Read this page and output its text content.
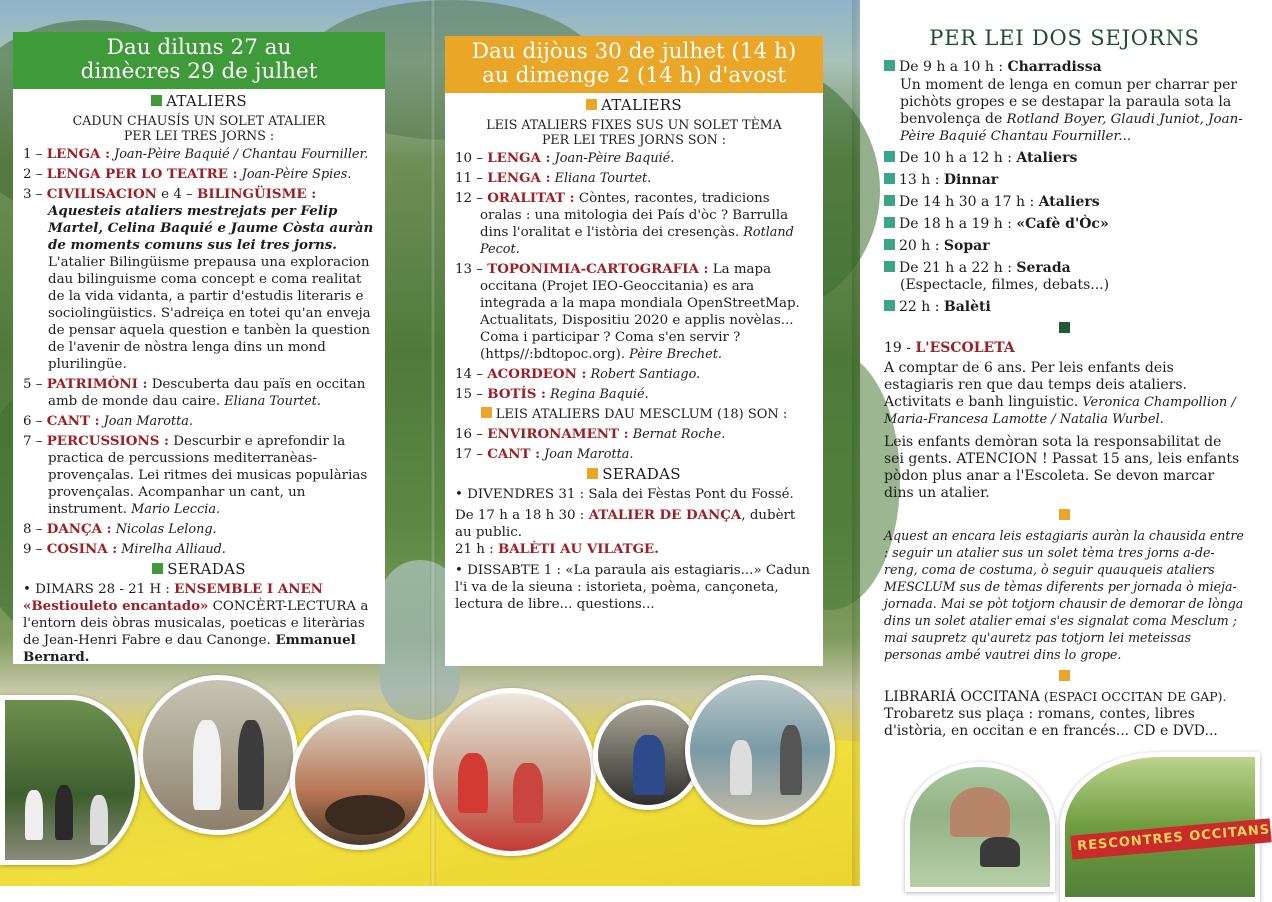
Dau diluns 27 au
dimècres 29 de julhet
ATALIERS
CADUN CHAUSÍS UN SOLET ATALIER
PER LEI TRES JORNS :
1 – LENGA : Joan-Pèire Baquié / Chantau Fourniller.
2 – LENGA PER LO TEATRE : Joan-Pèire Spies.
3 – CIVILISACION e 4 – BILINGÜISME : Aquesteis ataliers mestrejats per Felip Martel, Celina Baquié e Jaume Còsta auràn de moments comuns sus lei tres jorns. L'atalier Bilingüisme prepausa una exploracion dau bilinguisme coma concept e coma realitat de la vida vidanta, a partir d'estudis literaris e sociolingüistics. S'adreiça en totei qu'an enveja de pensar aquela question e tanbèn la question de l'avenir de nòstra lenga dins un mond plurilingüe.
5 – PATRIMÒNI : Descuberta dau païs en occitan amb de monde dau caire. Eliana Tourtet.
6 – CANT : Joan Marotta.
7 – PERCUSSIONS : Descurbir e aprefondir la practica de percussions mediterranèas-provençalas. Lei ritmes dei musicas populàrias provençalas. Acompanhar un cant, un instrument. Mario Leccia.
8 – DANÇA : Nicolas Lelong.
9 – COSINA : Mirelha Alliaud.
SERADAS
• DIMARS 28 - 21 H : ENSEMBLE I ANEN
«Bestiouleto encantado» CONCÈRT-LECTURA a l'entorn deis òbras musicalas, poeticas e literàrias de Jean-Henri Fabre e dau Canonge. Emmanuel Bernard.
Dau dijòus 30 de julhet (14 h)
au dimenge 2 (14 h) d'avost
ATALIERS
LEIS ATALIERS FIXES SUS UN SOLET TÈMA
PER LEI TRES JORNS SON :
10 – LENGA : Joan-Pèire Baquié.
11 – LENGA : Eliana Tourtet.
12 – ORALITAT : Còntes, racontes, tradicions oralas : una mitologia dei País d'òc ? Barrulla dins l'oralitat e l'istòria dei cresençàs. Rotland Pecot.
13 – TOPONIMIA-CARTOGRAFIA : La mapa occitana (Projet IEO-Geoccitania) es ara integrada a la mapa mondiala OpenStreetMap. Actualitats, Dispositiu 2020 e applis novèlas... Coma i participar ? Coma s'en servir ? (https//:bdtopoc.org). Pèire Brechet.
14 – ACORDEON : Robert Santiago.
15 – BOTÍS : Regina Baquié.
LEIS ATALIERS DAU MESCLUM (18) SON :
16 – ENVIRONAMENT : Bernat Roche.
17 – CANT : Joan Marotta.
SERADAS
• DIVENDRES 31 : Sala dei Fèstas Pont du Fossé.
De 17 h a 18 h 30 : ATALIER DE DANÇA, dubèrt au public.
21 h : BALÈTI AU VILATGE.
• DISSABTE 1 : «La paraula ais estagiaris...» Cadun l'i va de la sieuna : istorieta, poèma, cançoneta, lectura de libre... questions...
PER LEI DOS SEJORNS
De 9 h a 10 h : Charradissa
Un moment de lenga en comun per charrar per pichòts gropes e se destapar la paraula sota la benvolença de Rotland Boyer, Glaudi Juniot, Joan-Pèire Baquié Chantau Fourniller...
De 10 h a 12 h : Ataliers
13 h : Dinnar
De 14 h 30 a 17 h : Ataliers
De 18 h a 19 h : «Cafè d'Òc»
20 h : Sopar
De 21 h a 22 h : Serada
(Espectacle, filmes, debats...)
22 h : Balèti
19 - L'ESCOLETA
A comptar de 6 ans. Per leis enfants deis estagiaris ren que dau temps deis ataliers. Activitats e banh linguistic. Veronica Champollion / Maria-Francesa Lamotte / Natalia Wurbel.
Leis enfants demòran sota la responsabilitat de sei gents. ATENCION ! Passat 15 ans, leis enfants pòdon plus anar a l'Escoleta. Se devon marcar dins un atalier.
Aquest an encara leis estagiaris auràn la chausida entre : seguir un atalier sus un solet tèma tres jorns a-de-reng, coma de costuma, ò seguir quauqueis ataliers MESCLUM sus de tèmas diferents per jornada ò mieja-jornada. Mai se pòt totjorn chausir de demorar de lònga dins un solet atalier emai s'es signalat coma Mesclum ; mai saupretz qu'auretz pas totjorn lei meteissas personas ambé vautrei dins lo grope.
LIBRARIÁ OCCITANA (ESPACI OCCITAN DE GAP).
Trobaretz sus plaça : romans, contes, libres d'istòria, en occitan e en francés... CD e DVD...
RESCONTRES OCCITANS
